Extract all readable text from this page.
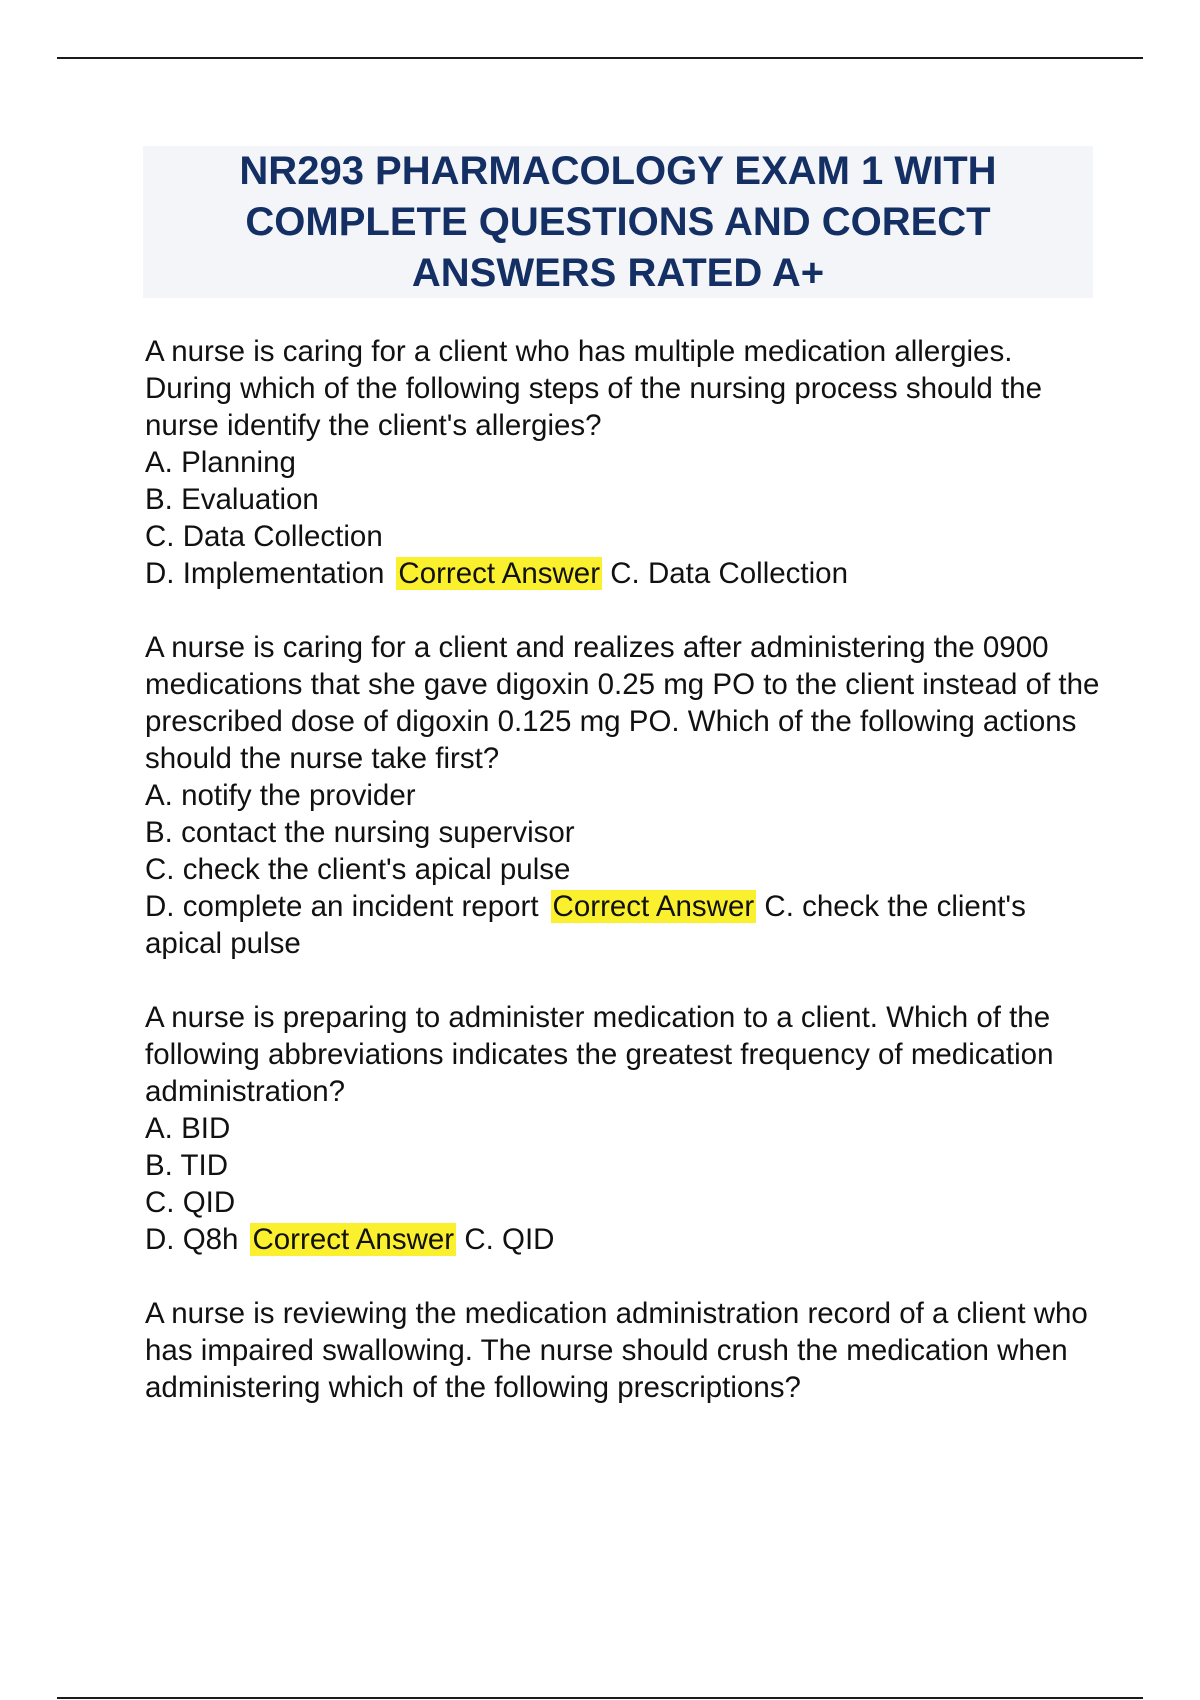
NR293 PHARMACOLOGY EXAM 1 WITH COMPLETE QUESTIONS AND CORECT ANSWERS RATED A+
A nurse is caring for a client who has multiple medication allergies. During which of the following steps of the nursing process should the nurse identify the client's allergies?
A. Planning
B. Evaluation
C. Data Collection
D. Implementation Correct Answer C. Data Collection
A nurse is caring for a client and realizes after administering the 0900 medications that she gave digoxin 0.25 mg PO to the client instead of the prescribed dose of digoxin 0.125 mg PO. Which of the following actions should the nurse take first?
A. notify the provider
B. contact the nursing supervisor
C. check the client's apical pulse
D. complete an incident report Correct Answer C. check the client's apical pulse
A nurse is preparing to administer medication to a client. Which of the following abbreviations indicates the greatest frequency of medication administration?
A. BID
B. TID
C. QID
D. Q8h Correct Answer C. QID
A nurse is reviewing the medication administration record of a client who has impaired swallowing. The nurse should crush the medication when administering which of the following prescriptions?
